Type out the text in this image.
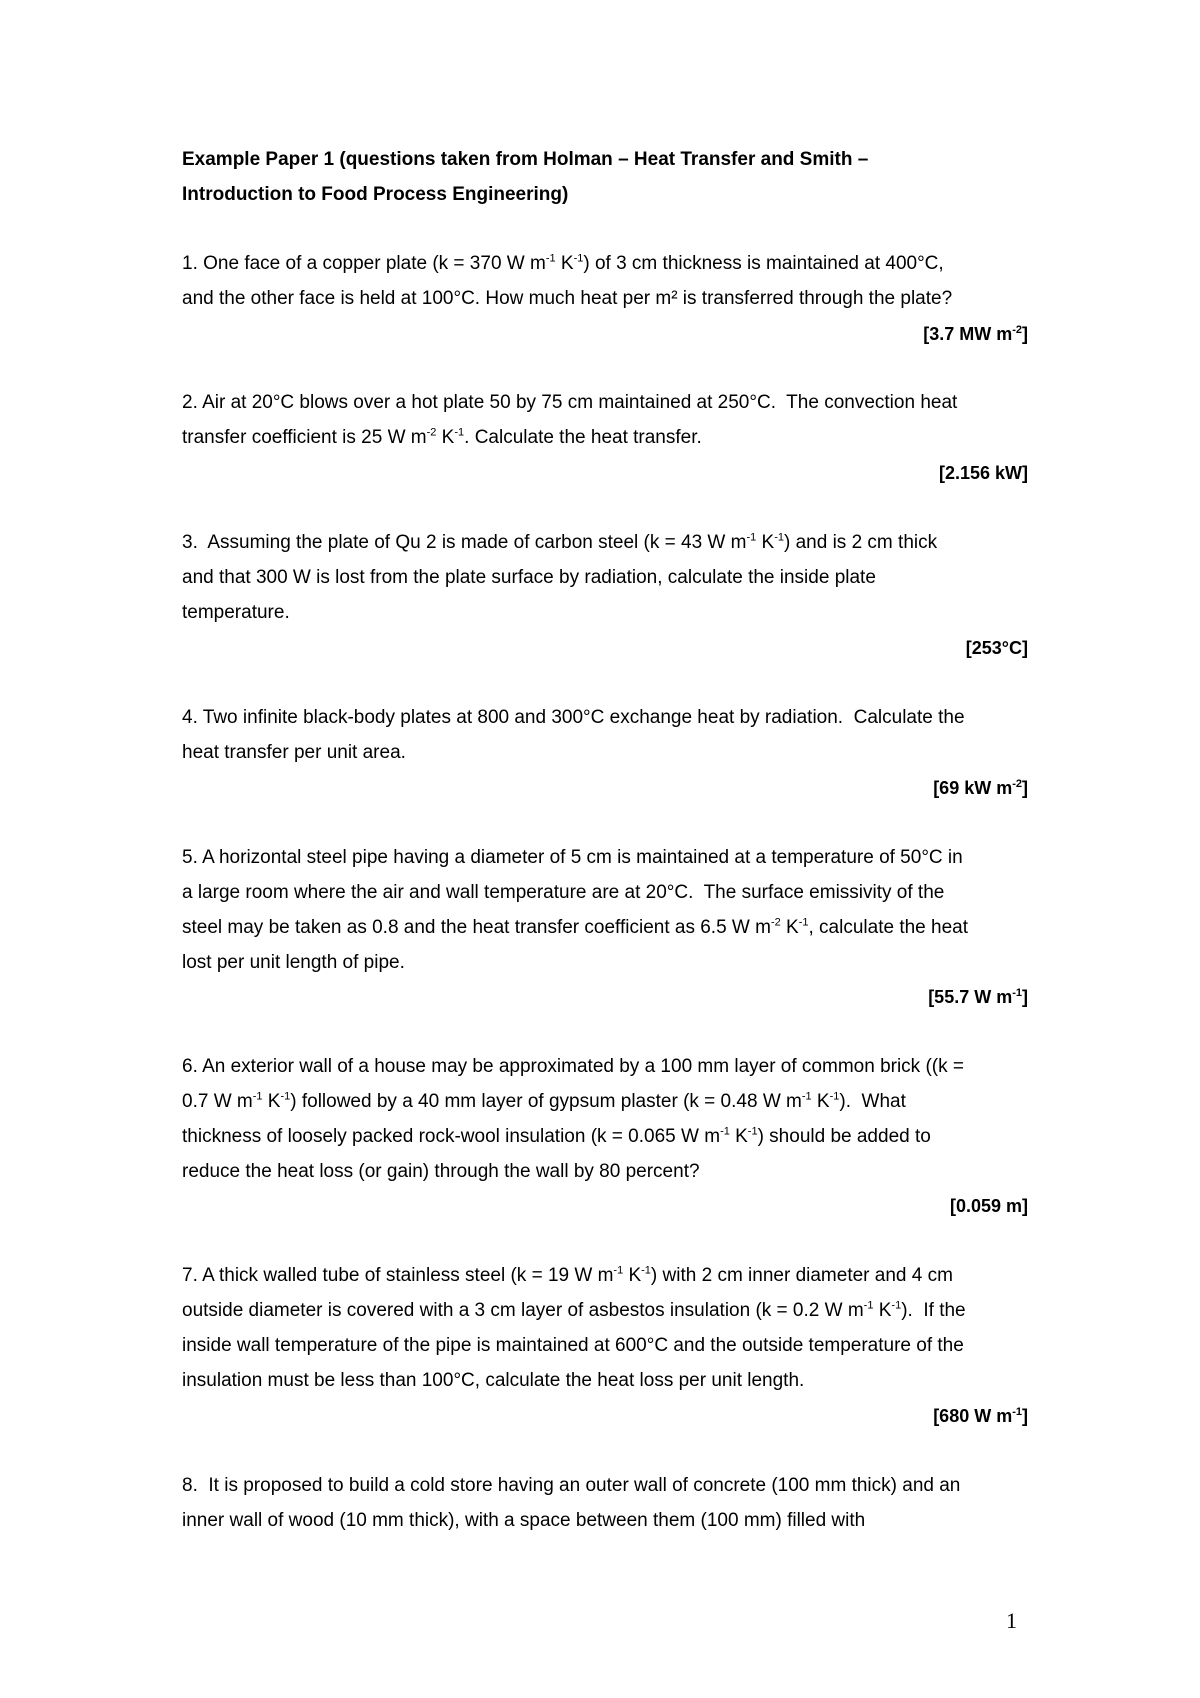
Example Paper 1 (questions taken from Holman – Heat Transfer and Smith –
Introduction to Food Process Engineering)
1. One face of a copper plate (k = 370 W $m^{-1}$ $K^{-1}$) of 3 cm thickness is maintained at 400°C,
and the other face is held at 100°C. How much heat per m² is transferred through the plate?
[3.7 MW $m^{-2}$]
2. Air at 20°C blows over a hot plate 50 by 75 cm maintained at 250°C.  The convection heat
transfer coefficient is 25 W $m^{-2}$ $K^{-1}$. Calculate the heat transfer.
[2.156 kW]
3.  Assuming the plate of Qu 2 is made of carbon steel (k = 43 W $m^{-1}$ $K^{-1}$) and is 2 cm thick
and that 300 W is lost from the plate surface by radiation, calculate the inside plate
temperature.
[253°C]
4. Two infinite black-body plates at 800 and 300°C exchange heat by radiation.  Calculate the
heat transfer per unit area.
[69 kW $m^{-2}$]
5. A horizontal steel pipe having a diameter of 5 cm is maintained at a temperature of 50°C in
a large room where the air and wall temperature are at 20°C.  The surface emissivity of the
steel may be taken as 0.8 and the heat transfer coefficient as 6.5 W $m^{-2}$ $K^{-1}$, calculate the heat
lost per unit length of pipe.
[55.7 W $m^{-1}$]
6. An exterior wall of a house may be approximated by a 100 mm layer of common brick ((k =
0.7 W $m^{-1}$ $K^{-1}$) followed by a 40 mm layer of gypsum plaster (k = 0.48 W $m^{-1}$ $K^{-1}$).  What
thickness of loosely packed rock-wool insulation (k = 0.065 W $m^{-1}$ $K^{-1}$) should be added to
reduce the heat loss (or gain) through the wall by 80 percent?
[0.059 m]
7. A thick walled tube of stainless steel (k = 19 W $m^{-1}$ $K^{-1}$) with 2 cm inner diameter and 4 cm
outside diameter is covered with a 3 cm layer of asbestos insulation (k = 0.2 W $m^{-1}$ $K^{-1}$).  If the
inside wall temperature of the pipe is maintained at 600°C and the outside temperature of the
insulation must be less than 100°C, calculate the heat loss per unit length.
[680 W $m^{-1}$]
8.  It is proposed to build a cold store having an outer wall of concrete (100 mm thick) and an
inner wall of wood (10 mm thick), with a space between them (100 mm) filled with
1
